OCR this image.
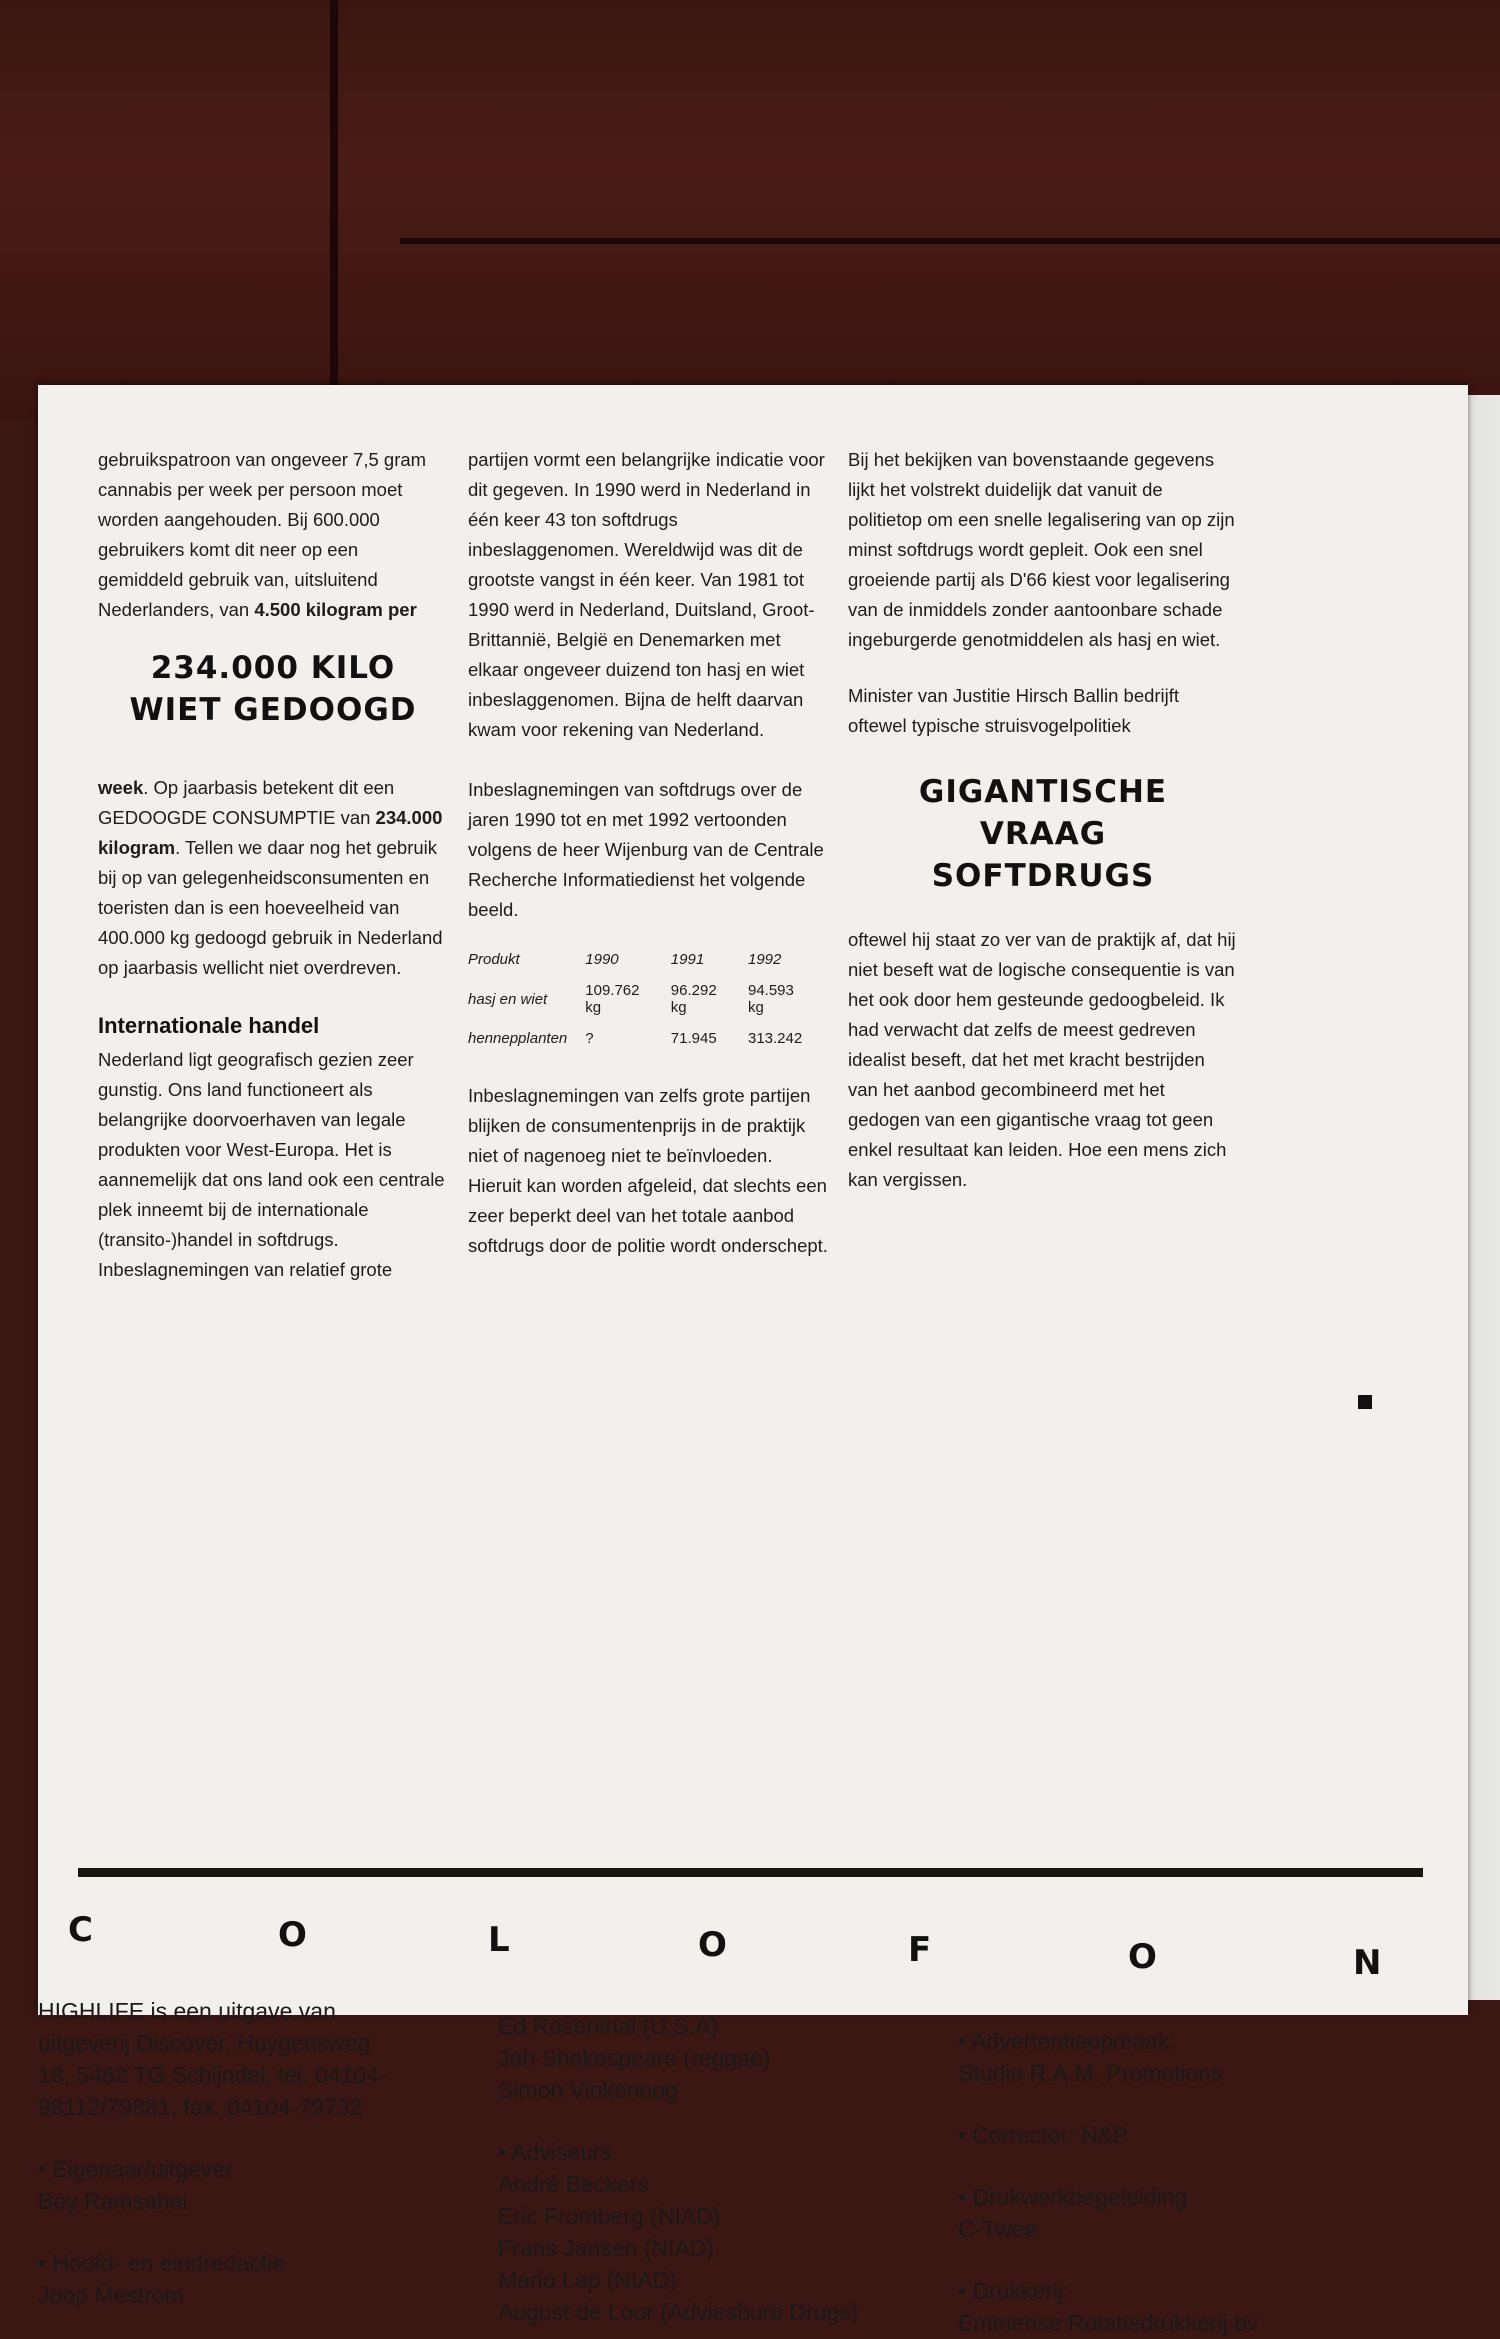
gebruikspatroon van ongeveer 7,5 gram cannabis per week per persoon moet worden aangehouden. Bij 600.000 gebruikers komt dit neer op een gemiddeld gebruik van, uitsluitend Nederlanders, van 4.500 kilogram per

234.000 KILO

WIET GEDOOGD

week. Op jaarbasis betekent dit een GEDOOGDE CONSUMPTIE van 234.000 kilogram. Tellen we daar nog het gebruik bij op van gelegenheidsconsumenten en toeristen dan is een hoeveelheid van 400.000 kg gedoogd gebruik in Nederland op jaarbasis wellicht niet overdreven.

Internationale handel

Nederland ligt geografisch gezien zeer gunstig. Ons land functioneert als belangrijke doorvoerhaven van legale produkten voor West-Europa. Het is aannemelijk dat ons land ook een centrale plek inneemt bij de internationale (transito-)handel in softdrugs. Inbeslagnemingen van relatief grote

partijen vormt een belangrijke indicatie voor dit gegeven. In 1990 werd in Nederland in één keer 43 ton softdrugs inbeslaggenomen. Wereldwijd was dit de grootste vangst in één keer. Van 1981 tot 1990 werd in Nederland, Duitsland, Groot-Brittannië, België en Denemarken met elkaar ongeveer duizend ton hasj en wiet inbeslaggenomen. Bijna de helft daarvan kwam voor rekening van Nederland.

Inbeslagnemingen van softdrugs over de jaren 1990 tot en met 1992 vertoonden volgens de heer Wijenburg van de Centrale Recherche Informatiedienst het volgende beeld.

Produkt	1990	1991	1992
hasj en wiet	109.762 kg	96.292 kg	94.593 kg
hennepplanten	?	71.945	313.242

Inbeslagnemingen van zelfs grote partijen blijken de consumentenprijs in de praktijk niet of nagenoeg niet te beïnvloeden. Hieruit kan worden afgeleid, dat slechts een zeer beperkt deel van het totale aanbod softdrugs door de politie wordt onderschept.

Bij het bekijken van bovenstaande gegevens lijkt het volstrekt duidelijk dat vanuit de politietop om een snelle legalisering van op zijn minst softdrugs wordt gepleit. Ook een snel groeiende partij als D'66 kiest voor legalisering van de inmiddels zonder aantoonbare schade ingeburgerde genotmiddelen als hasj en wiet.

Minister van Justitie Hirsch Ballin bedrijft oftewel typische struisvogelpolitiek

GIGANTISCHE

VRAAG

SOFTDRUGS

oftewel hij staat zo ver van de praktijk af, dat hij niet beseft wat de logische consequentie is van het ook door hem gesteunde gedoogbeleid. Ik had verwacht dat zelfs de meest gedreven idealist beseft, dat het met kracht bestrijden van het aanbod gecombineerd met het gedogen van een gigantische vraag tot geen enkel resultaat kan leiden. Hoe een mens zich kan vergissen.

C	O	L	O	F	O	N

HIGHLIFE is een uitgave van uitgeverij Discover, Huygensweg 18, 5482 TG Schijndel, tel. 04104-98112/79881, fax. 04104-79732

• Eigenaar/uitgever

Boy Ramsahai

• Hoofd- en eindredactie

Joop Mestrom

Ed Rosenthal (U.S.A)

Jah Shakespeare (reggae)

Simon Vinkenoog

• Adviseurs

André Beckers

Eric Fromberg (NIAD)

Frans Jansen (NIAD)

Mario Lap (NIAD)

August de Loor (Adviesburo Drugs)

• Advertentieopmaak:

Studio R.A.M. Promotions

• Corrector: N&P

• Drukwerkbegeleiding

C-Twee

• Drukkerij:

Emmense Rotatiedrukkerij bv
